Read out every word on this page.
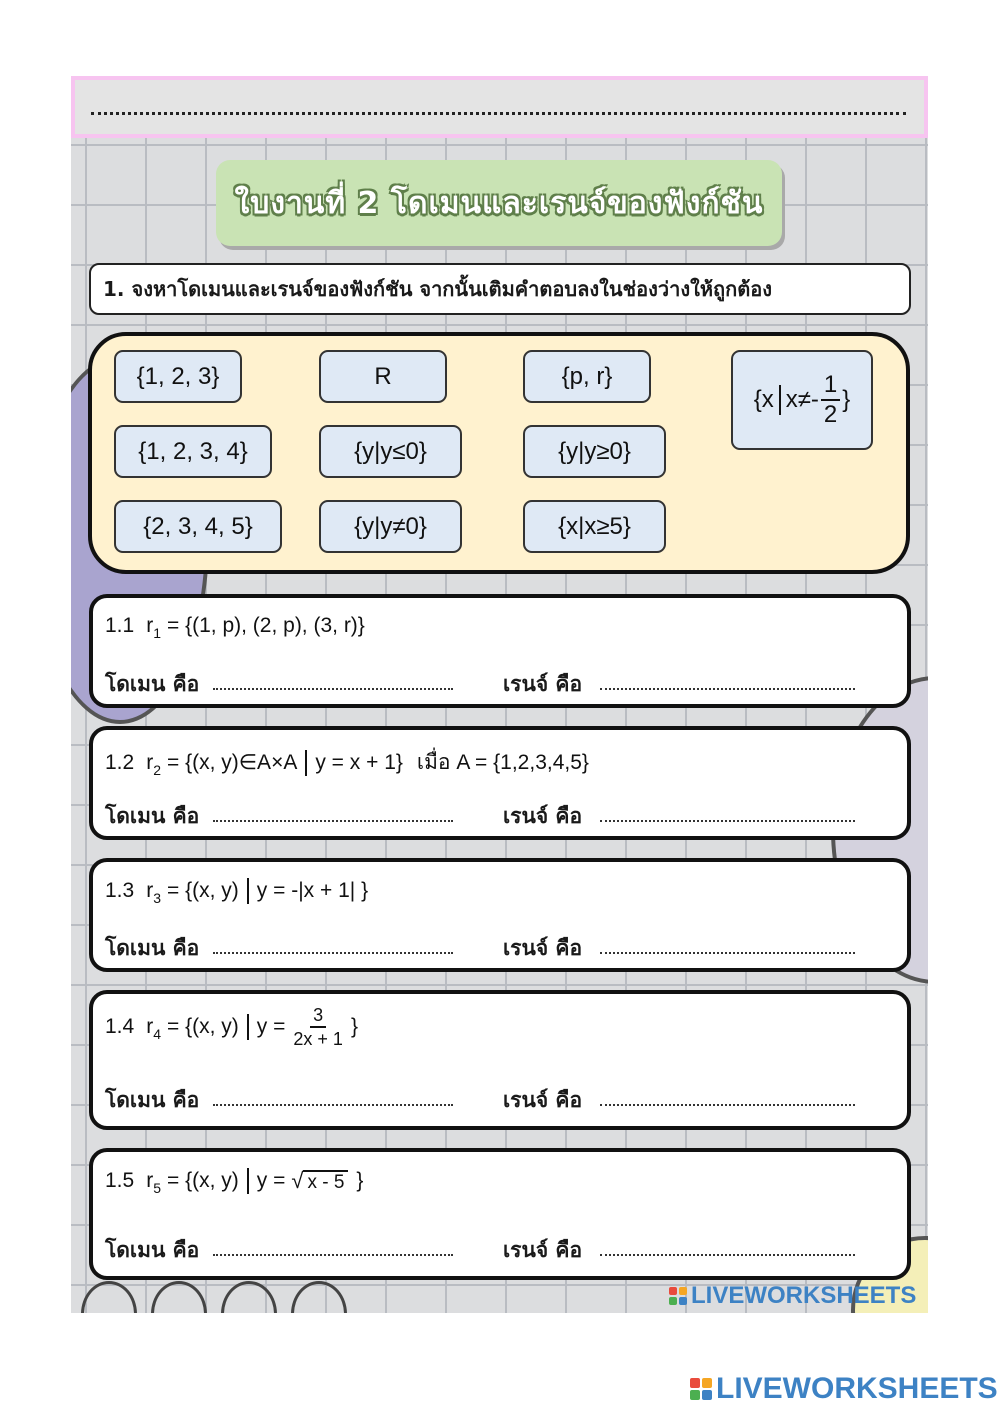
ใบงานที่ 2 โดเมนและเรนจ์ของฟังก์ชัน
1. จงหาโดเมนและเรนจ์ของฟังก์ชัน จากนั้นเติมคำตอบลงในช่องว่างให้ถูกต้อง
{1, 2, 3}	R	{p, r}
{x $x\ne- \frac{1}{2}$ }
{1, 2, 3, 4}	{y|y≤0}	{y|y≥0}
{2, 3, 4, 5}	{y|y≠0}	{x|x≥5}
1.1 r 1 = {(1, p), (2, p), (3, r)}
โดเมน คือ	เรนจ์ คือ
1.2 r 2 = {(x, y)∈A×A y = x + 1} เมื่อ A = {1,2,3,4,5}
โดเมน คือ	เรนจ์ คือ
1.3 r 3 = {(x, y) y = -|x + 1| }
โดเมน คือ	เรนจ์ คือ
1.4 r 4 = {(x, y) $y = \frac{3}{2x + 1}$ }
โดเมน คือ	เรนจ์ คือ
1.5 r 5 = {(x, y) y = √ x - 5 }
โดเมน คือ	เรนจ์ คือ
LIVEWORKSHEETS
LIVEWORKSHEETS
